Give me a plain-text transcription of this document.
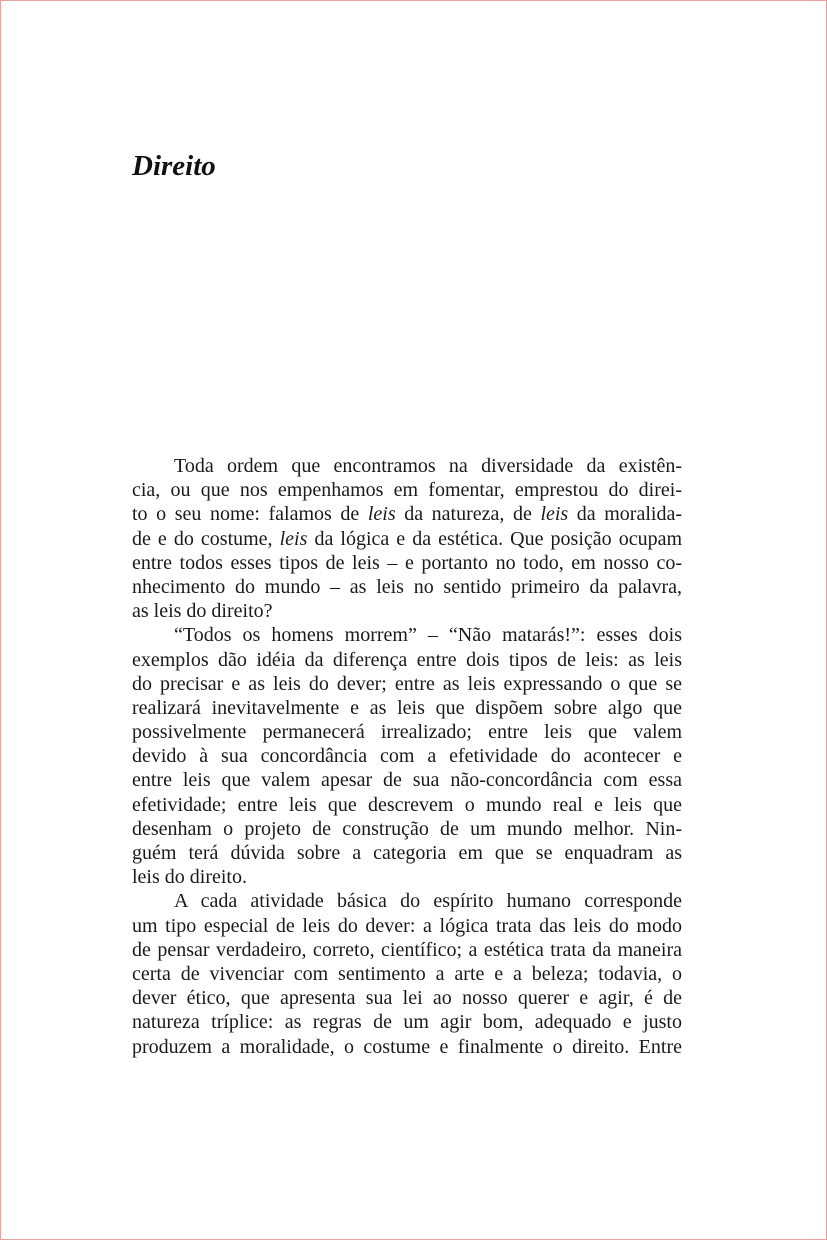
Direito
Toda ordem que encontramos na diversidade da existên-
cia, ou que nos empenhamos em fomentar, emprestou do direi-
to o seu nome: falamos de leis da natureza, de leis da moralida-
de e do costume, leis da lógica e da estética. Que posição ocupam
entre todos esses tipos de leis – e portanto no todo, em nosso co-
nhecimento do mundo – as leis no sentido primeiro da palavra,
as leis do direito?
“Todos os homens morrem” – “Não matarás!”: esses dois
exemplos dão idéia da diferença entre dois tipos de leis: as leis
do precisar e as leis do dever; entre as leis expressando o que se
realizará inevitavelmente e as leis que dispõem sobre algo que
possivelmente permanecerá irrealizado; entre leis que valem
devido à sua concordância com a efetividade do acontecer e
entre leis que valem apesar de sua não-concordância com essa
efetividade; entre leis que descrevem o mundo real e leis que
desenham o projeto de construção de um mundo melhor. Nin-
guém terá dúvida sobre a categoria em que se enquadram as
leis do direito.
A cada atividade básica do espírito humano corresponde
um tipo especial de leis do dever: a lógica trata das leis do modo
de pensar verdadeiro, correto, científico; a estética trata da maneira
certa de vivenciar com sentimento a arte e a beleza; todavia, o
dever ético, que apresenta sua lei ao nosso querer e agir, é de
natureza tríplice: as regras de um agir bom, adequado e justo
produzem a moralidade, o costume e finalmente o direito. Entre
